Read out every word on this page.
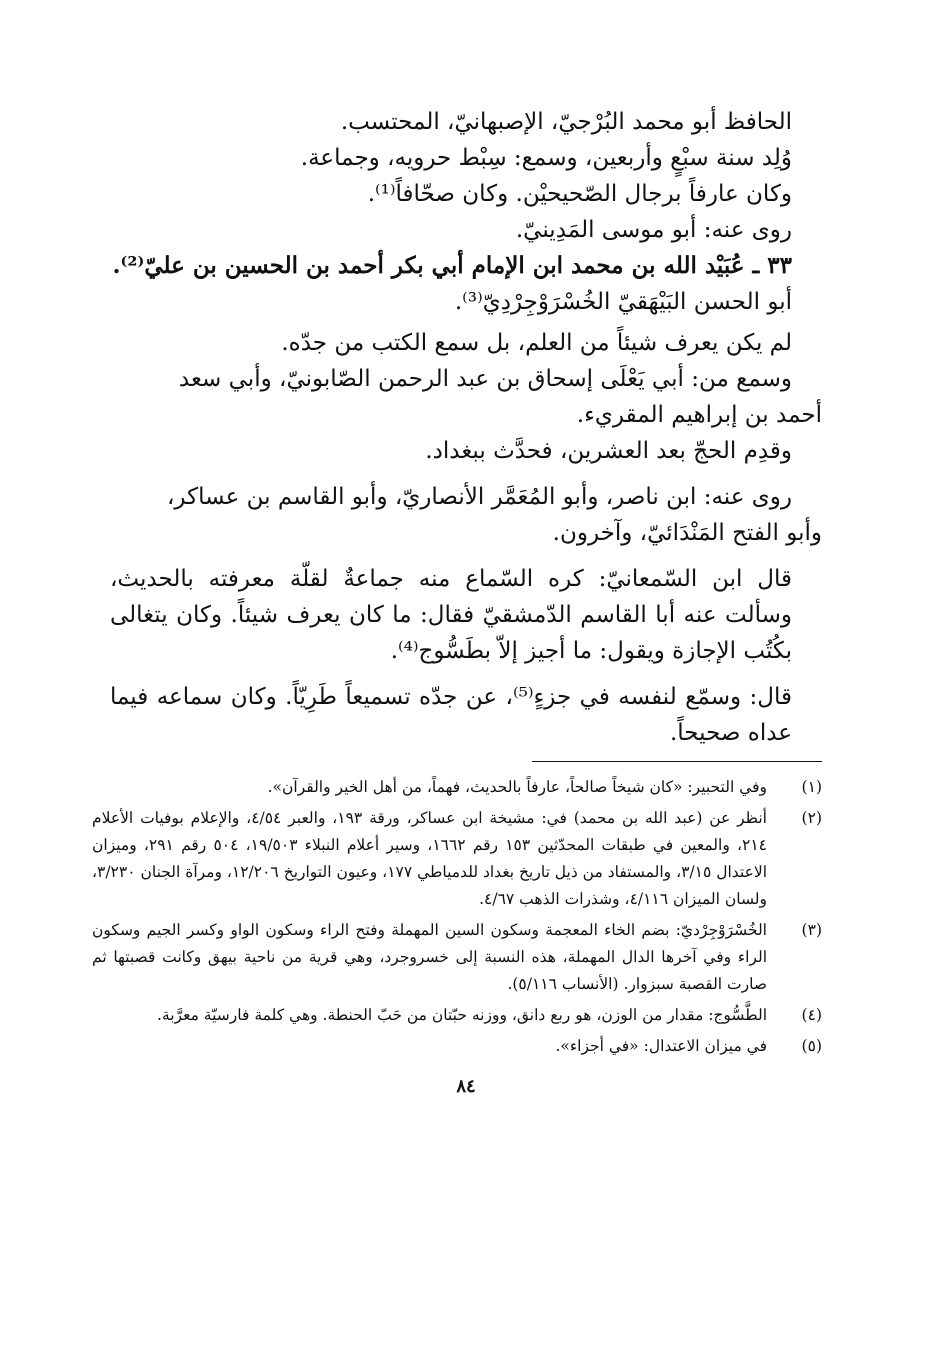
الحافظ أبو محمد البُرْجيّ، الإصبهانيّ، المحتسب.

وُلِد سنة سبْعٍ وأربعين، وسمع: سِبْط حرويه، وجماعة.

وكان عارفاً برجال الصّحيحيْن. وكان صحّافاً⁽¹⁾.

روى عنه: أبو موسى المَدِينيّ.

٣٣ ـ عُبَيْد الله بن محمد ابن الإمام أبي بكر أحمد بن الحسين بن عليّ⁽²⁾.

أبو الحسن البَيْهَقيّ الخُسْرَوْجِرْدِيّ⁽³⁾.

لم يكن يعرف شيئاً من العلم، بل سمع الكتب من جدّه.

وسمع من: أبي يَعْلَى إسحاق بن عبد الرحمن الصّابونيّ، وأبي سعد

أحمد بن إبراهيم المقريء.

وقدِم الحجّ بعد العشرين، فحدَّث ببغداد.

روى عنه: ابن ناصر، وأبو المُعَمَّر الأنصاريّ، وأبو القاسم بن عساكر،

وأبو الفتح المَنْدَائيّ، وآخرون.

قال ابن السّمعانيّ: كره السّماع منه جماعةٌ لقلّة معرفته بالحديث، وسألت عنه أبا القاسم الدّمشقيّ فقال: ما كان يعرف شيئاً. وكان يتغالى بكُتُب الإجازة ويقول: ما أجيز إلاّ بطَسُّوج⁽⁴⁾.

قال: وسمّع لنفسه في جزءٍ⁽⁵⁾، عن جدّه تسميعاً طَرِيّاً. وكان سماعه فيما عداه صحيحاً.

(١)
وفي التحبير: «كان شيخاً صالحاً، عارفاً بالحديث، فهماً، من أهل الخير والقرآن».
(٢)
أنظر عن (عبد الله بن محمد) في: مشيخة ابن عساكر، ورقة ١٩٣، والعبر ٤/٥٤، والإعلام بوفيات الأعلام ٢١٤، والمعين في طبقات المحدّثين ١٥٣ رقم ١٦٦٢، وسير أعلام النبلاء ١٩/٥٠٣، ٥٠٤ رقم ٢٩١، وميزان الاعتدال ٣/١٥، والمستفاد من ذيل تاريخ بغداد للدمياطي ١٧٧، وعيون التواريخ ١٢/٢٠٦، ومرآة الجنان ٣/٢٣٠، ولسان الميزان ٤/١١٦، وشذرات الذهب ٤/٦٧.
(٣)
الخُسْرَوْجِرْديّ: بضم الخاء المعجمة وسكون السين المهملة وفتح الراء وسكون الواو وكسر الجيم وسكون الراء وفي آخرها الدال المهملة، هذه النسبة إلى خسروجرد، وهي قرية من ناحية بيهق وكانت قصبتها ثم صارت القصبة سبزوار. (الأنساب ٥/١١٦).
(٤)
الطَّسُّوج: مقدار من الوزن، هو ربع دانق، ووزنه حبّتان من حَبّ الحنطة. وهي كلمة فارسيّة معرَّبة.
(٥)
في ميزان الاعتدال: «في أجزاء».
٨٤
